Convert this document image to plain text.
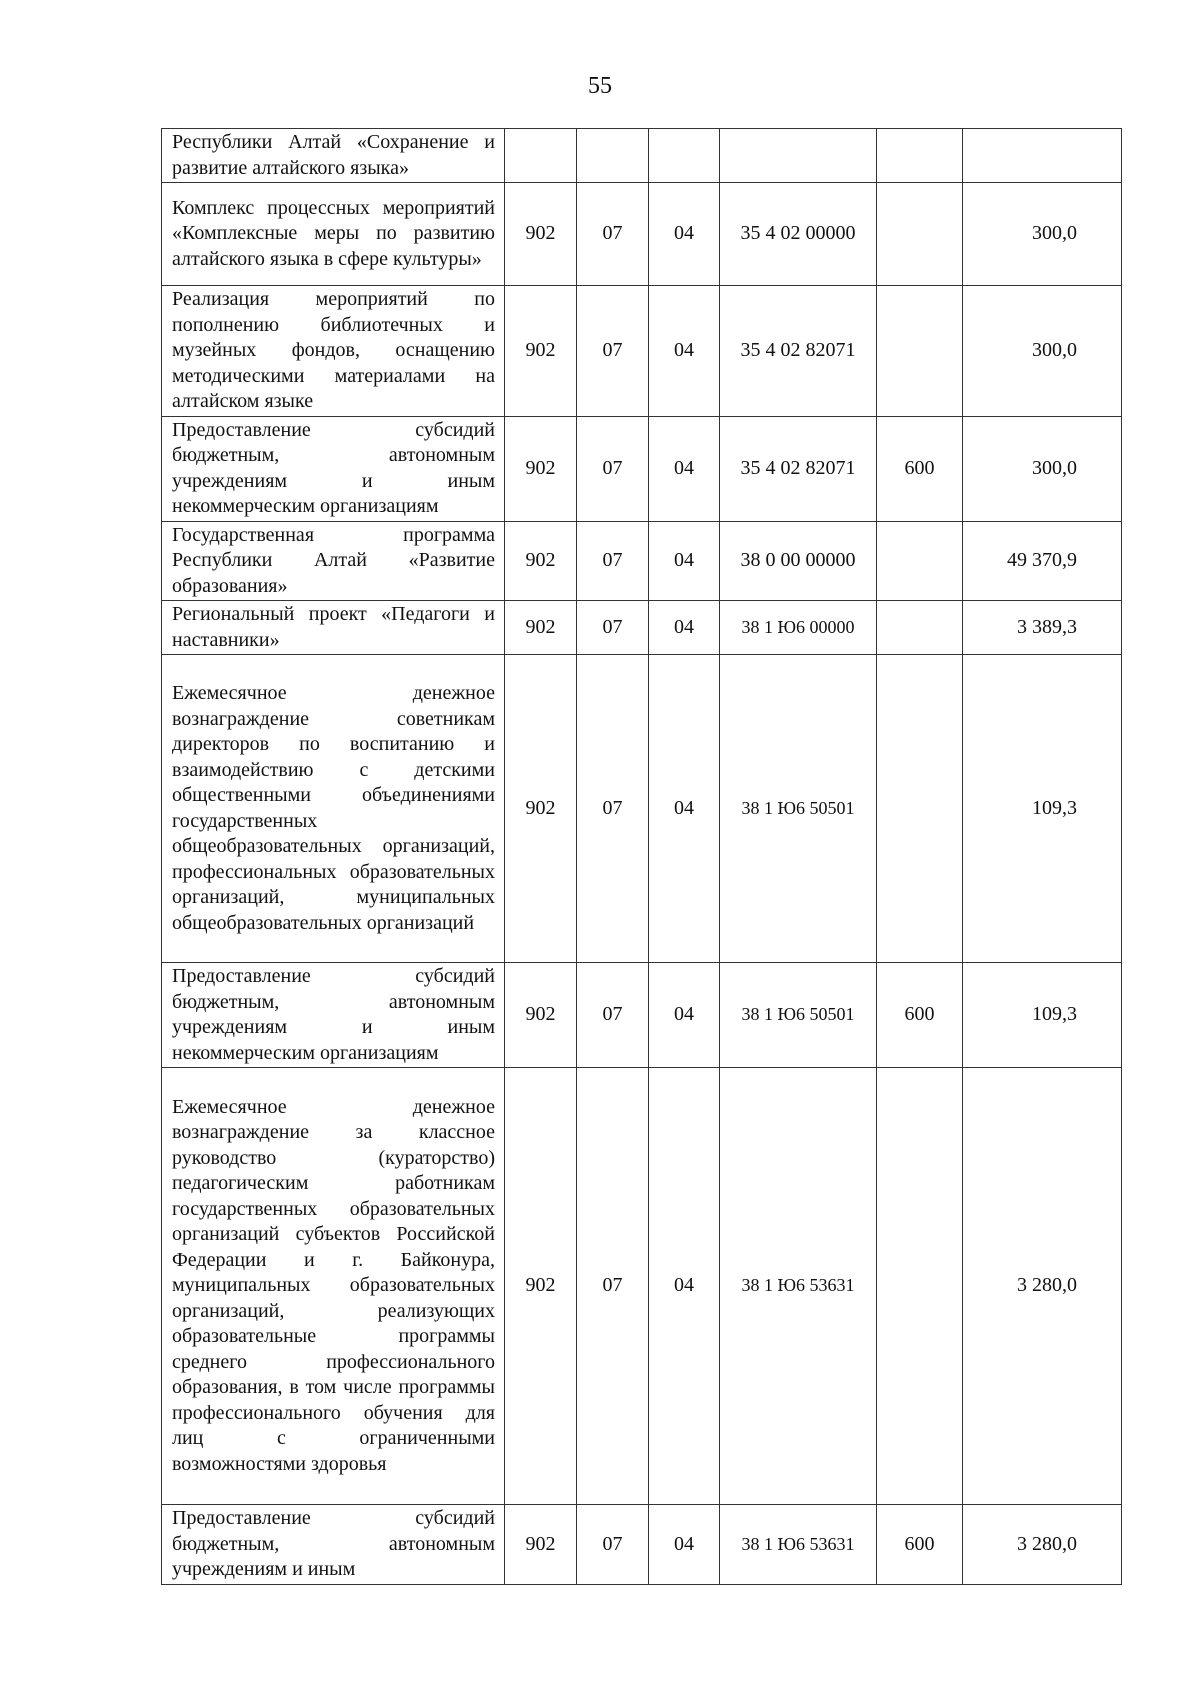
55
Республики Алтай «Сохранение и развитие алтайского языка»						
Комплекс процессных мероприятий «Комплексные меры по развитию алтайского языка в сфере культуры»	902	07	04	35 4 02 00000		300,0
Реализация мероприятий по пополнению библиотечных и музейных фондов, оснащению методическими материалами на алтайском языке	902	07	04	35 4 02 82071		300,0
Предоставление субсидий бюджетным, автономным учреждениям и иным некоммерческим организациям	902	07	04	35 4 02 82071	600	300,0
Государственная программа Республики Алтай «Развитие образования»	902	07	04	38 0 00 00000		49 370,9
Региональный проект «Педагоги и наставники»	902	07	04	38 1 Ю6 00000		3 389,3
Ежемесячное денежное вознаграждение советникам директоров по воспитанию и взаимодействию с детскими общественными объединениями государственных общеобразовательных организаций, профессиональных образовательных организаций, муниципальных общеобразовательных организаций	902	07	04	38 1 Ю6 50501		109,3
Предоставление субсидий бюджетным, автономным учреждениям и иным некоммерческим организациям	902	07	04	38 1 Ю6 50501	600	109,3
Ежемесячное денежное вознаграждение за классное руководство (кураторство) педагогическим работникам государственных образовательных организаций субъектов Российской Федерации и г. Байконура, муниципальных образовательных организаций, реализующих образовательные программы среднего профессионального образования, в том числе программы профессионального обучения для лиц с ограниченными возможностями здоровья	902	07	04	38 1 Ю6 53631		3 280,0
Предоставление субсидий бюджетным, автономным учреждениям и иным	902	07	04	38 1 Ю6 53631	600	3 280,0
